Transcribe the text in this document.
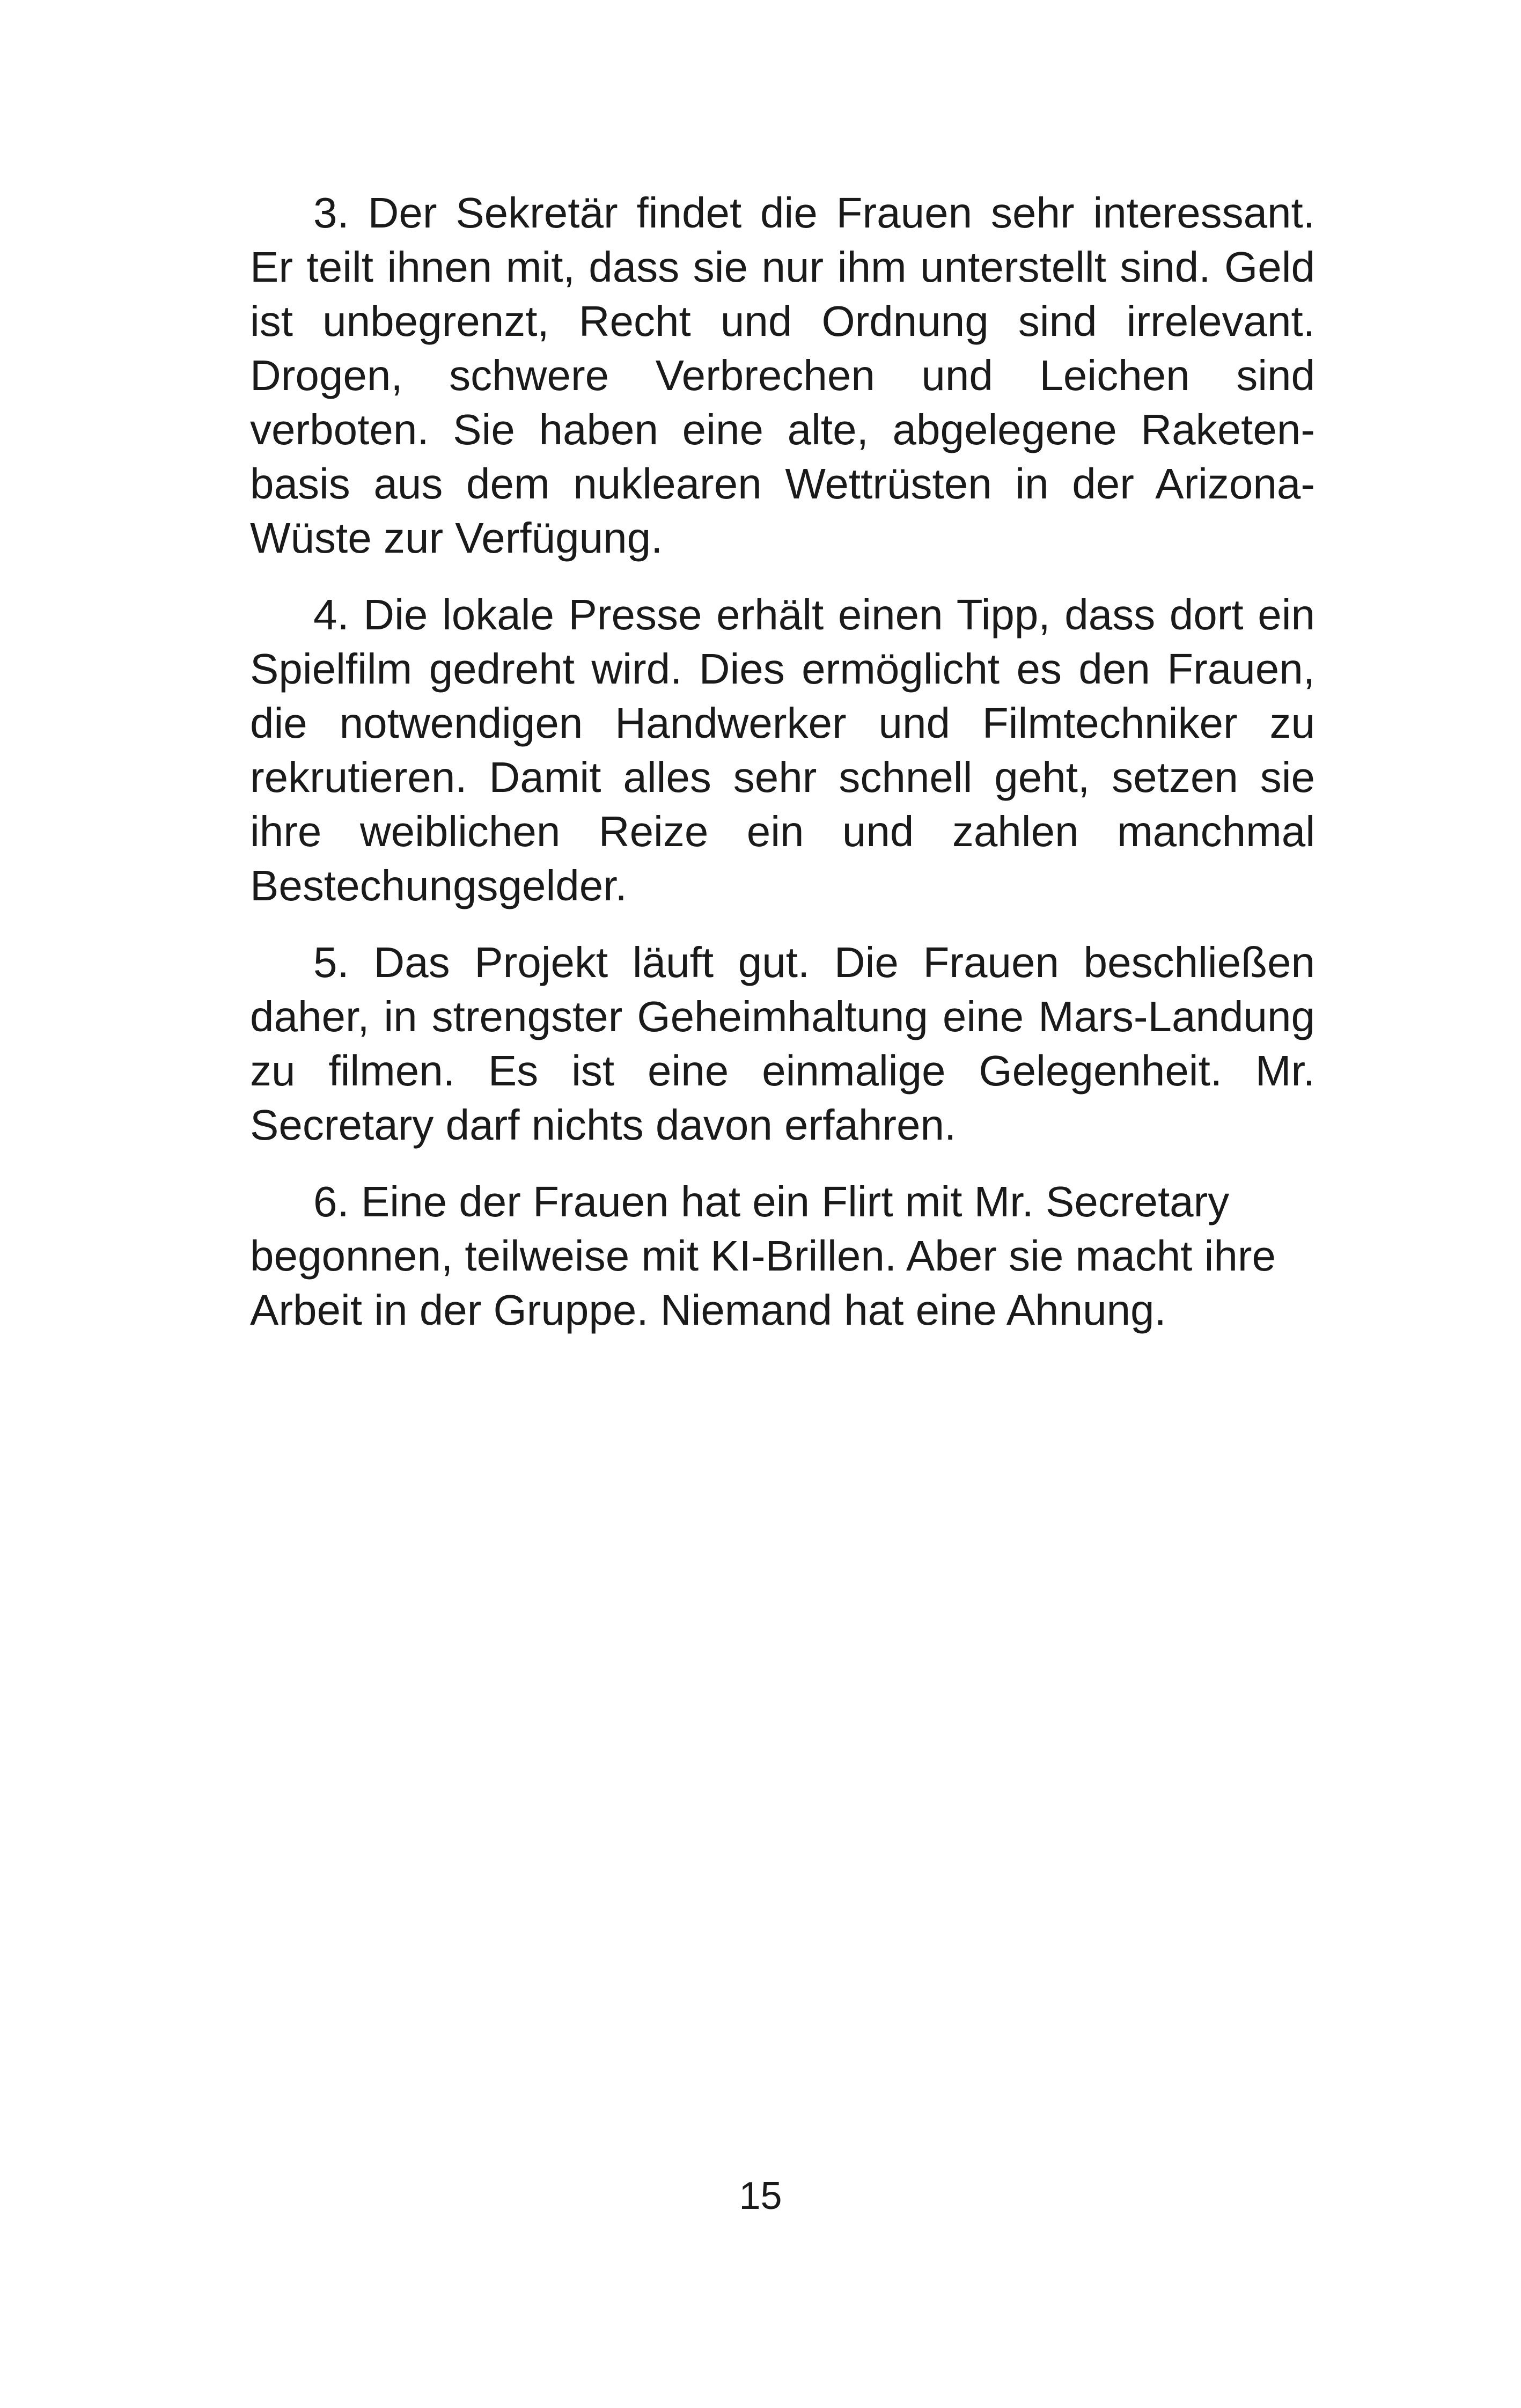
3. Der Sekretär findet die Frauen sehr interessant. Er teilt ihnen mit, dass sie nur ihm unterstellt sind. Geld ist unbegrenzt, Recht und Ordnung sind irrelevant. Drogen, schwere Verbrechen und Leichen sind verboten. Sie haben eine alte, abgelegene Raketenbasis aus dem nuklearen Wettrüsten in der Arizona-Wüste zur Verfügung.

4. Die lokale Presse erhält einen Tipp, dass dort ein Spielfilm gedreht wird. Dies ermöglicht es den Frauen, die notwendigen Handwerker und Filmtechniker zu rekrutieren. Damit alles sehr schnell geht, setzen sie ihre weiblichen Reize ein und zahlen manchmal Bestechungsgelder.

5. Das Projekt läuft gut. Die Frauen beschließen daher, in strengster Geheimhaltung eine Mars-Landung zu filmen. Es ist eine einmalige Gelegenheit. Mr. Secretary darf nichts davon erfahren.

6. Eine der Frauen hat ein Flirt mit Mr. Secretary begonnen, teilweise mit KI-Brillen. Aber sie macht ihre Arbeit in der Gruppe. Niemand hat eine Ahnung.

15
